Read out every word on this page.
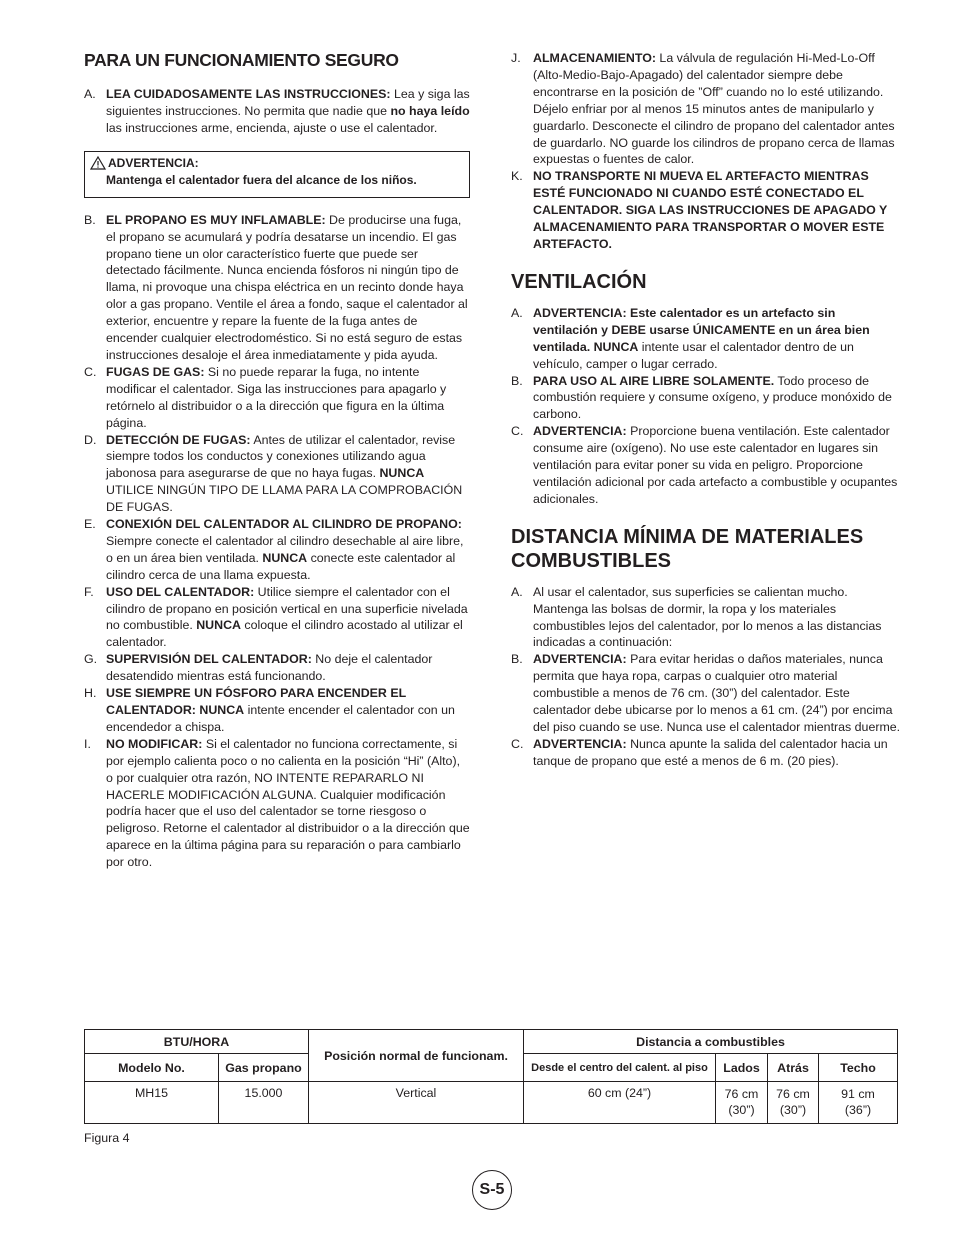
PARA UN FUNCIONAMIENTO SEGURO
A. LEA CUIDADOSAMENTE LAS INSTRUCCIONES: Lea y siga las siguientes instrucciones. No permita que nadie que no haya leído las instrucciones arme, encienda, ajuste o use el calentador.
ADVERTENCIA:
Mantenga el calentador fuera del alcance de los niños.
B. EL PROPANO ES MUY INFLAMABLE: De producirse una fuga, el propano se acumulará y podría desatarse un incendio. El gas propano tiene un olor característico fuerte que puede ser detectado fácilmente. Nunca encienda fósforos ni ningún tipo de llama, ni provoque una chispa eléctrica en un recinto donde haya olor a gas propano. Ventile el área a fondo, saque el calentador al exterior, encuentre y repare la fuente de la fuga antes de encender cualquier electrodoméstico. Si no está seguro de estas instrucciones desaloje el área inmediatamente y pida ayuda.
C. FUGAS DE GAS: Si no puede reparar la fuga, no intente modificar el calentador. Siga las instrucciones para apagarlo y retórnelo al distribuidor o a la dirección que figura en la última página.
D. DETECCIÓN DE FUGAS: Antes de utilizar el calentador, revise siempre todos los conductos y conexiones utilizando agua jabonosa para asegurarse de que no haya fugas. NUNCA UTILICE NINGÚN TIPO DE LLAMA PARA LA COMPROBACIÓN DE FUGAS.
E. CONEXIÓN DEL CALENTADOR AL CILINDRO DE PROPANO: Siempre conecte el calentador al cilindro desechable al aire libre, o en un área bien ventilada. NUNCA conecte este calentador al cilindro cerca de una llama expuesta.
F. USO DEL CALENTADOR: Utilice siempre el calentador con el cilindro de propano en posición vertical en una superficie nivelada no combustible. NUNCA coloque el cilindro acostado al utilizar el calentador.
G. SUPERVISIÓN DEL CALENTADOR: No deje el calentador desatendido mientras está funcionando.
H. USE SIEMPRE UN FÓSFORO PARA ENCENDER EL CALENTADOR: NUNCA intente encender el calentador con un encendedor a chispa.
I.	NO MODIFICAR: Si el calentador no funciona correctamente, si por ejemplo calienta poco o no calienta en la posición “Hi” (Alto), o por cualquier otra razón, NO INTENTE REPARARLO NI HACERLE MODIFICACIÓN ALGUNA. Cualquier modificación podría hacer que el uso del calentador se torne riesgoso o peligroso. Retorne el calentador al distribuidor o a la dirección que aparece en la última página para su reparación o para cambiarlo por otro.
J. ALMACENAMIENTO: La válvula de regulación Hi-Med-Lo-Off (Alto-Medio-Bajo-Apagado) del calentador siempre debe encontrarse en la posición de ”Off” cuando no lo esté utilizando. Déjelo enfriar por al menos 15 minutos antes de manipularlo y guardarlo. Desconecte el cilindro de propano del calentador antes de guardarlo. NO guarde los cilindros de propano cerca de llamas expuestas o fuentes de calor.
K. NO TRANSPORTE NI MUEVA EL ARTEFACTO MIENTRAS ESTÉ FUNCIONADO NI CUANDO ESTÉ CONECTADO EL CALENTADOR. SIGA LAS INSTRUCCIONES DE APAGADO Y ALMACENAMIENTO PARA TRANSPORTAR O MOVER ESTE ARTEFACTO.
VENTILACIÓN
A. ADVERTENCIA: Este calentador es un artefacto sin ventilación y DEBE usarse ÚNICAMENTE en un área bien ventilada. NUNCA intente usar el calentador dentro de un vehículo, camper o lugar cerrado.
B. PARA USO AL AIRE LIBRE SOLAMENTE. Todo proceso de combustión requiere y consume oxígeno, y produce monóxido de carbono.
C. ADVERTENCIA: Proporcione buena ventilación. Este calentador consume aire (oxígeno). No use este calentador en lugares sin ventilación para evitar poner su vida en peligro. Proporcione ventilación adicional por cada artefacto a combustible y ocupantes adicionales.
DISTANCIA MÍNIMA DE MATERIALES COMBUSTIBLES
A. Al usar el calentador, sus superficies se calientan mucho. Mantenga las bolsas de dormir, la ropa y los materiales combustibles lejos del calentador, por lo menos a las distancias indicadas a continuación:
B. ADVERTENCIA: Para evitar heridas o daños materiales, nunca permita que haya ropa, carpas o cualquier otro material combustible a menos de 76 cm. (30”) del calentador. Este calentador debe ubicarse por lo menos a 61 cm. (24”) por encima del piso cuando se use. Nunca use el calentador mientras duerme.
C. ADVERTENCIA: Nunca apunte la salida del calentador hacia un tanque de propano que esté a menos de 6 m. (20 pies).
BTU/HORA		Posición normal de funcionam.	Distancia a combustibles			
Modelo No.	Gas propano		Desde el centro del calent. al piso	Lados	Atrás	Techo
MH15	15.000	Vertical	60 cm (24”)	76 cm (30”)	76 cm (30”)	91 cm (36”)
Figura 4
S-5
